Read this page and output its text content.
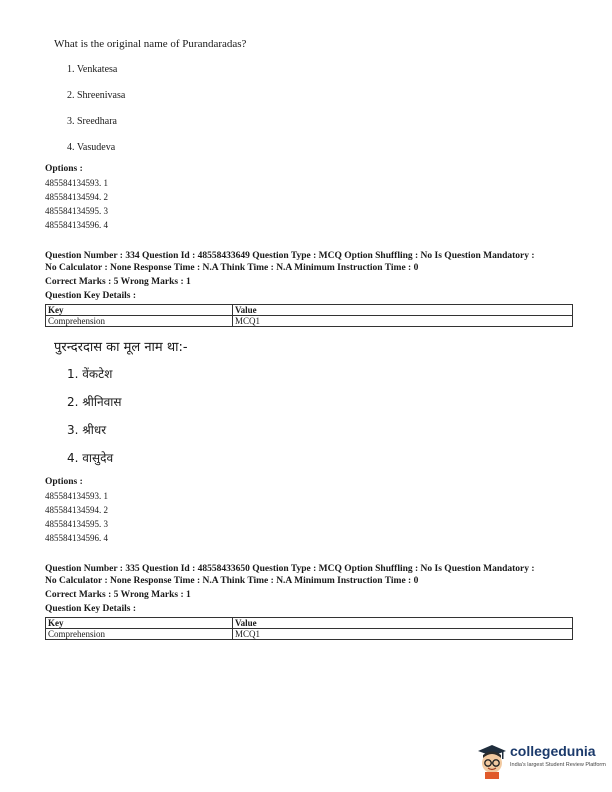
What is the original name of Purandaradas?
1. Venkatesa
2. Shreenivasa
3. Sreedhara
4. Vasudeva
Options :
485584134593. 1
485584134594. 2
485584134595. 3
485584134596. 4
Question Number : 334 Question Id : 48558433649 Question Type : MCQ Option Shuffling : No Is Question Mandatory :
No Calculator : None Response Time : N.A Think Time : N.A Minimum Instruction Time : 0
Correct Marks : 5 Wrong Marks : 1
Question Key Details :
Key	Value
Comprehension	MCQ1
पुरन्दरदास का मूल नाम था:-
1. वेंकटेश
2. श्रीनिवास
3. श्रीधर
4. वासुदेव
Options :
485584134593. 1
485584134594. 2
485584134595. 3
485584134596. 4
Question Number : 335 Question Id : 48558433650 Question Type : MCQ Option Shuffling : No Is Question Mandatory :
No Calculator : None Response Time : N.A Think Time : N.A Minimum Instruction Time : 0
Correct Marks : 5 Wrong Marks : 1
Question Key Details :
Key	Value
Comprehension	MCQ1
collegedunia
India's largest Student Review Platform
